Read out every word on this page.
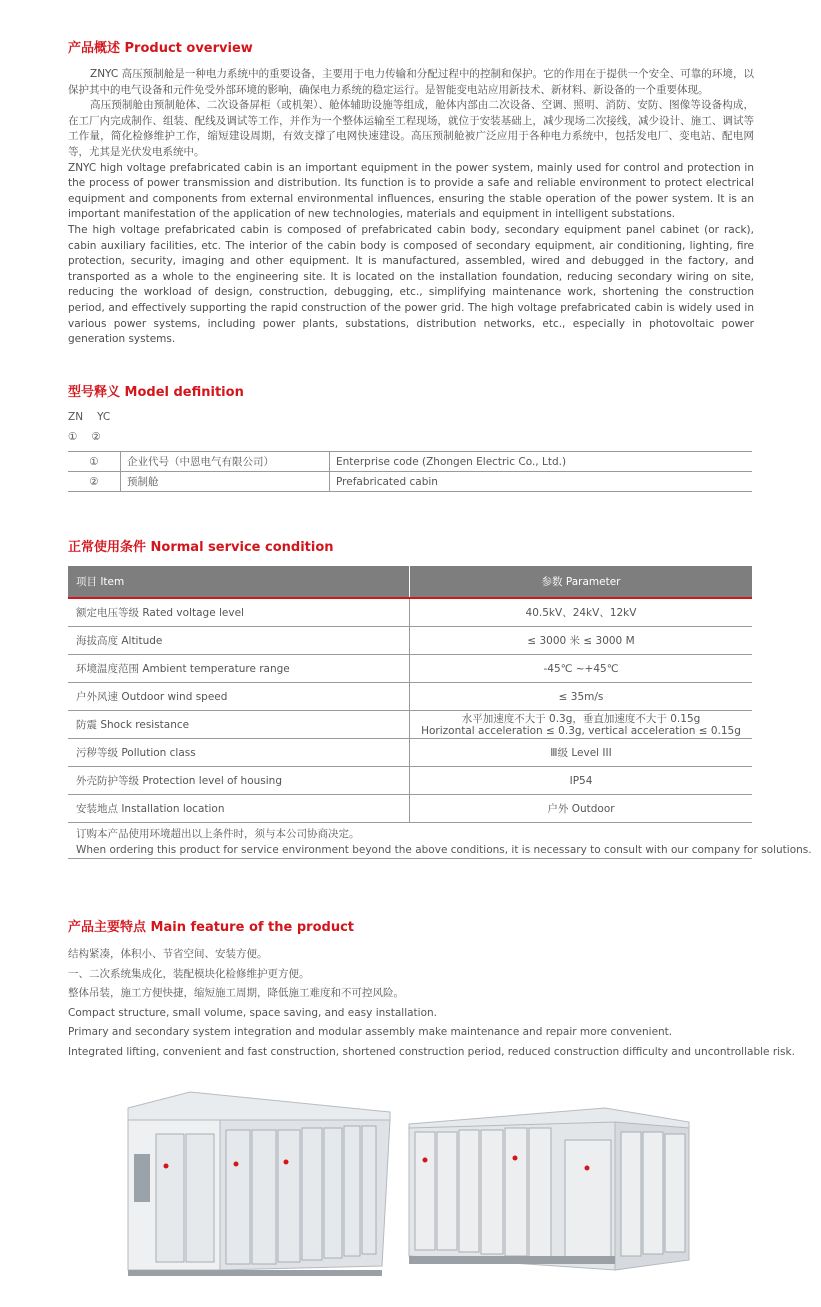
产品概述 Product overview

ZNYC 高压预制舱是一种电力系统中的重要设备，主要用于电力传输和分配过程中的控制和保护。它的作用在于提供一个安全、可靠的环境，以保护其中的电气设备和元件免受外部环境的影响，确保电力系统的稳定运行。是智能变电站应用新技术、新材料、新设备的一个重要体现。

高压预制舱由预制舱体、二次设备屏柜（或机架）、舱体辅助设施等组成，舱体内部由二次设备、空调、照明、消防、安防、图像等设备构成，在工厂内完成制作、组装、配线及调试等工作，并作为一个整体运输至工程现场，就位于安装基础上，减少现场二次接线，减少设计、施工、调试等工作量，简化检修维护工作，缩短建设周期，有效支撑了电网快速建设。高压预制舱被广泛应用于各种电力系统中，包括发电厂、变电站、配电网等，尤其是光伏发电系统中。

ZNYC high voltage prefabricated cabin is an important equipment in the power system, mainly used for control and protection in the process of power transmission and distribution. Its function is to provide a safe and reliable environment to protect electrical equipment and components from external environmental influences, ensuring the stable operation of the power system. It is an important manifestation of the application of new technologies, materials and equipment in intelligent substations.

The high voltage prefabricated cabin is composed of prefabricated cabin body, secondary equipment panel cabinet (or rack), cabin auxiliary facilities, etc. The interior of the cabin body is composed of secondary equipment, air conditioning, lighting, fire protection, security, imaging and other equipment. It is manufactured, assembled, wired and debugged in the factory, and transported as a whole to the engineering site. It is located on the installation foundation, reducing secondary wiring on site, reducing the workload of design, construction, debugging, etc., simplifying maintenance work, shortening the construction period, and effectively supporting the rapid construction of the power grid. The high voltage prefabricated cabin is widely used in various power systems, including power plants, substations, distribution networks, etc., especially in photovoltaic power generation systems.

型号释义 Model definition
ZN YC
① ②
①	企业代号（中恩电气有限公司）	Enterprise code (Zhongen Electric Co., Ltd.)
②	预制舱	Prefabricated cabin
正常使用条件 Normal service condition
项目 Item	参数 Parameter
额定电压等级 Rated voltage level	40.5kV、24kV、12kV
海拔高度 Altitude	≤ 3000 米 ≤ 3000 M
环境温度范围 Ambient temperature range	-45℃ ~+45℃
户外风速 Outdoor wind speed	≤ 35m/s
防震 Shock resistance	水平加速度不大于 0.3g，垂直加速度不大于 0.15g
Horizontal acceleration ≤ 0.3g, vertical acceleration ≤ 0.15g

污秽等级 Pollution class	Ⅲ级 Level III
外壳防护等级 Protection level of housing	IP54
安装地点 Installation location	户外 Outdoor
订购本产品使用环境超出以上条件时，须与本公司协商决定。
When ordering this product for service environment beyond the above conditions, it is necessary to consult with our company for solutions.
产品主要特点 Main feature of the product
结构紧凑，体积小、节省空间、安装方便。
一、二次系统集成化，装配模块化检修维护更方便。
整体吊装，施工方便快捷，缩短施工周期，降低施工难度和不可控风险。
Compact structure, small volume, space saving, and easy installation.
Primary and secondary system integration and modular assembly make maintenance and repair more convenient.
Integrated lifting, convenient and fast construction, shortened construction period, reduced construction difficulty and uncontrollable risk.
